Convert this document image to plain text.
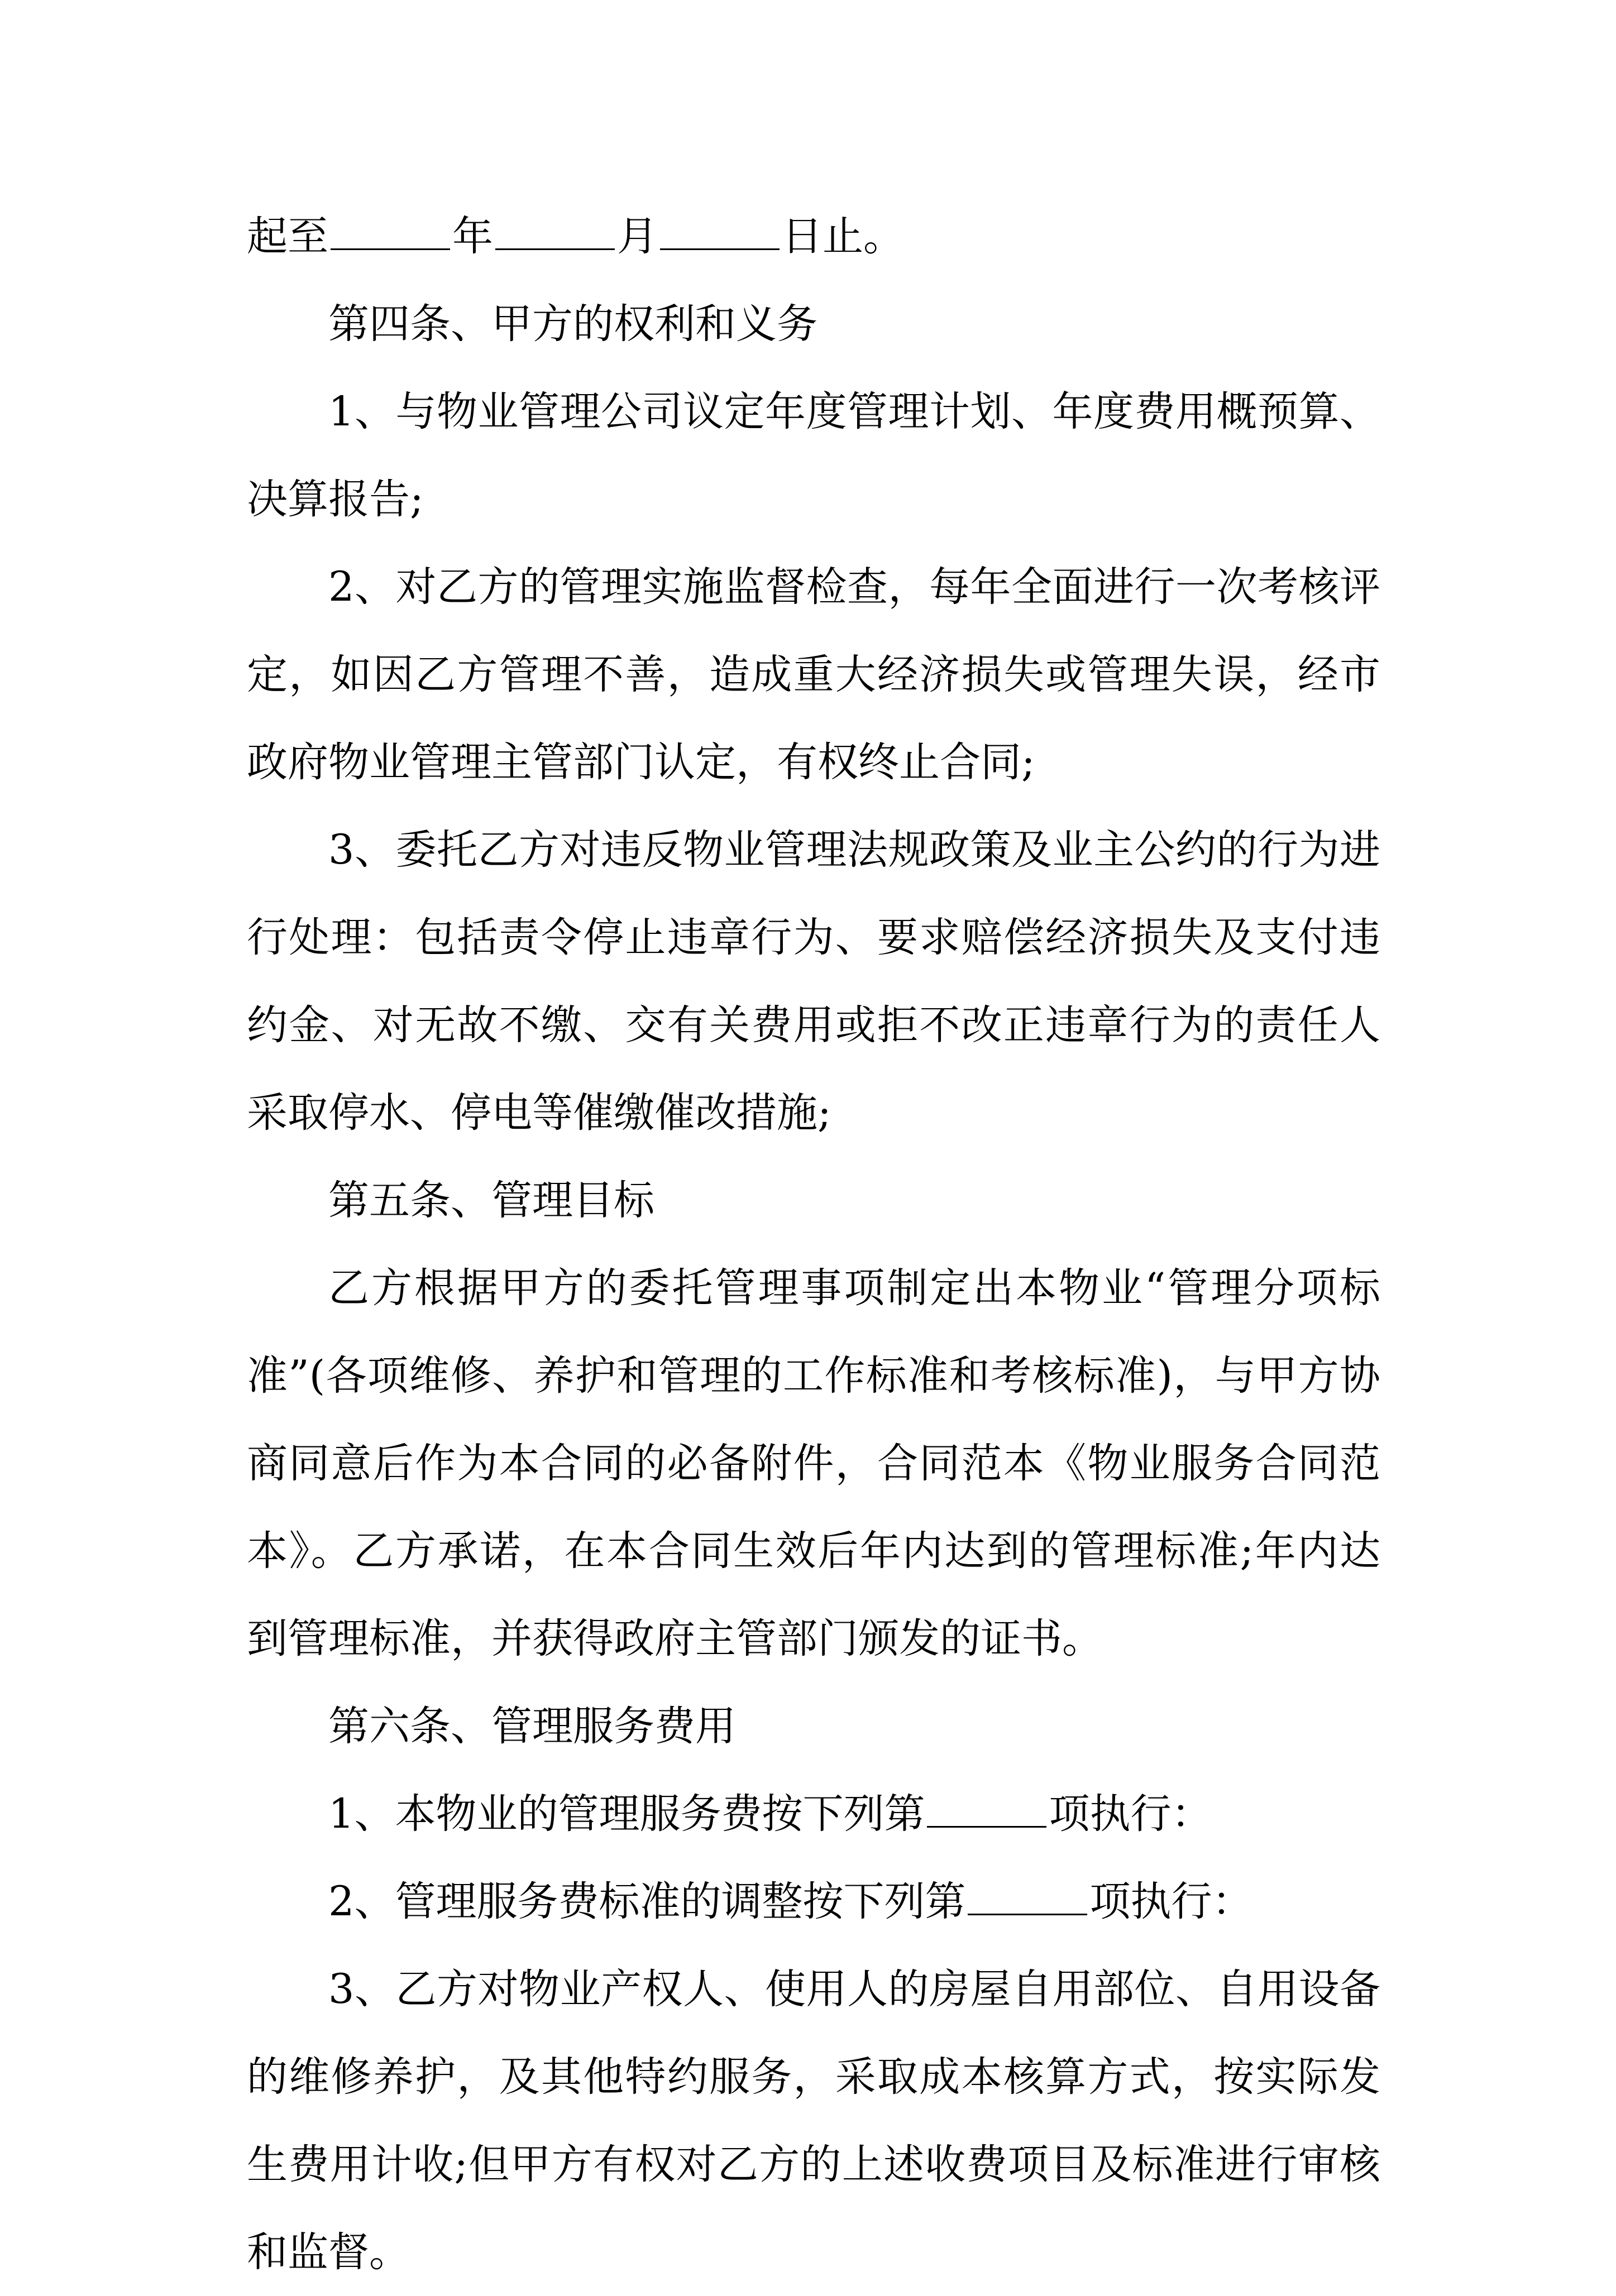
起至	年	月	日止。

第四条、甲方的权利和义务

1、与物业管理公司议定年度管理计划、年度费用概预算、决算报告;

2、对乙方的管理实施监督检查，每年全面进行一次考核评定，如因乙方管理不善，造成重大经济损失或管理失误，经市政府物业管理主管部门认定，有权终止合同;

3、委托乙方对违反物业管理法规政策及业主公约的行为进行处理：包括责令停止违章行为、要求赔偿经济损失及支付违约金、对无故不缴、交有关费用或拒不改正违章行为的责任人采取停水、停电等催缴催改措施;

第五条、管理目标

乙方根据甲方的委托管理事项制定出本物业“管理分项标准”(各项维修、养护和管理的工作标准和考核标准)，与甲方协商同意后作为本合同的必备附件，合同范本《物业服务合同范本》。乙方承诺，在本合同生效后年内达到的管理标准;年内达到管理标准，并获得政府主管部门颁发的证书。

第六条、管理服务费用

1、本物业的管理服务费按下列第	项执行：

2、管理服务费标准的调整按下列第	项执行：

3、乙方对物业产权人、使用人的房屋自用部位、自用设备的维修养护，及其他特约服务，采取成本核算方式，按实际发生费用计收;但甲方有权对乙方的上述收费项目及标准进行审核和监督。
